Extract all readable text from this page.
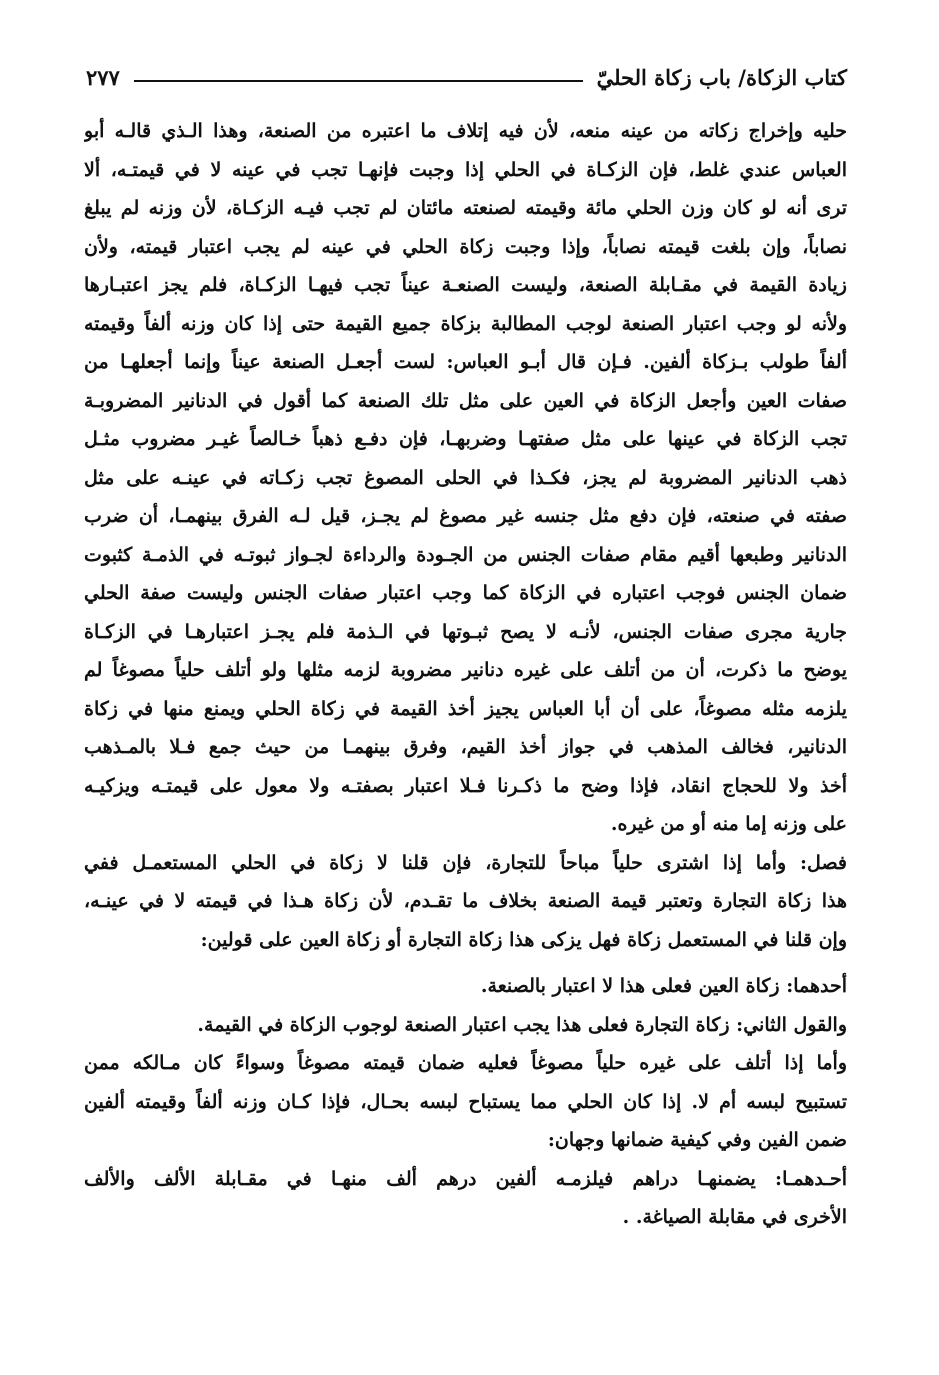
كتاب الزكاة/ باب زكاة الحليّ
٢٧٧
حليه وإخراج زكاته من عينه منعه، لأن فيه إتلاف ما اعتبره من الصنعة، وهذا الـذي قالـه أبو
العباس عندي غلط، فإن الزكـاة في الحلي إذا وجبت فإنهـا تجب في عينه لا في قيمتـه، ألا
ترى أنه لو كان وزن الحلي مائة وقيمته لصنعته مائتان لم تجب فيـه الزكـاة، لأن وزنه لم يبلغ
نصاباً، وإن بلغت قيمته نصاباً، وإذا وجبت زكاة الحلي في عينه لم يجب اعتبار قيمته، ولأن
زيادة القيمة في مقـابلة الصنعة، وليست الصنعـة عيناً تجب فيهـا الزكـاة، فلم يجز اعتبـارها
ولأنه لو وجب اعتبار الصنعة لوجب المطالبة بزكاة جميع القيمة حتى إذا كان وزنه ألفاً وقيمته
ألفاً طولب بـزكاة ألفين. فـإن قال أبـو العباس: لست أجعـل الصنعة عيناً وإنما أجعلهـا من
صفات العين وأجعل الزكاة في العين على مثل تلك الصنعة كما أقول في الدنانير المضروبـة
تجب الزكاة في عينها على مثل صفتهـا وضربهـا، فإن دفـع ذهباً خـالصاً غيـر مضروب مثـل
ذهب الدنانير المضروبة لم يجز، فكـذا في الحلى المصوغ تجب زكـاته في عينـه على مثل
صفته في صنعته، فإن دفع مثل جنسه غير مصوغ لم يجـز، قيل لـه الفرق بينهمـا، أن ضرب
الدنانير وطبعها أقيم مقام صفات الجنس من الجـودة والرداءة لجـواز ثبوتـه في الذمـة كثبوت
ضمان الجنس فوجب اعتباره في الزكاة كما وجب اعتبار صفات الجنس وليست صفة الحلي
جارية مجرى صفات الجنس، لأنـه لا يصح ثبـوتها في الـذمة فلم يجـز اعتبارهـا في الزكـاة
يوضح ما ذكرت، أن من أتلف على غيره دنانير مضروبة لزمه مثلها ولو أتلف حلياً مصوغاً لم
يلزمه مثله مصوغاً، على أن أبا العباس يجيز أخذ القيمة في زكاة الحلي ويمنع منها في زكاة
الدنانير، فخالف المذهب في جواز أخذ القيم، وفرق بينهمـا من حيث جمع فـلا بالمـذهب
أخذ ولا للحجاج انقاد، فإذا وضح ما ذكـرنا فـلا اعتبار بصفتـه ولا معول على قيمتـه ويزكيـه
على وزنه إما منه أو من غيره.
فصل: وأما إذا اشترى حلياً مباحاً للتجارة، فإن قلنا لا زكاة في الحلي المستعمـل ففي
هذا زكاة التجارة وتعتبر قيمة الصنعة بخلاف ما تقـدم، لأن زكاة هـذا في قيمته لا في عينـه،
وإن قلنا في المستعمل زكاة فهل يزكى هذا زكاة التجارة أو زكاة العين على قولين:
أحدهما: زكاة العين فعلى هذا لا اعتبار بالصنعة.
والقول الثاني: زكاة التجارة فعلى هذا يجب اعتبار الصنعة لوجوب الزكاة في القيمة.
وأما إذا أتلف على غيره حلياً مصوغاً فعليه ضمان قيمته مصوغاً وسواءً كان مـالكه ممن
تستبيح لبسه أم لا. إذا كان الحلي مما يستباح لبسه بحـال، فإذا كـان وزنه ألفاً وقيمته ألفين
ضمن الفين وفي كيفية ضمانها وجهان:
أحـدهمـا: يضمنهـا دراهم فيلزمـه ألفين درهم ألف منهـا في مقـابلة الألف والألف
الأخرى في مقابلة الصياغة. .
